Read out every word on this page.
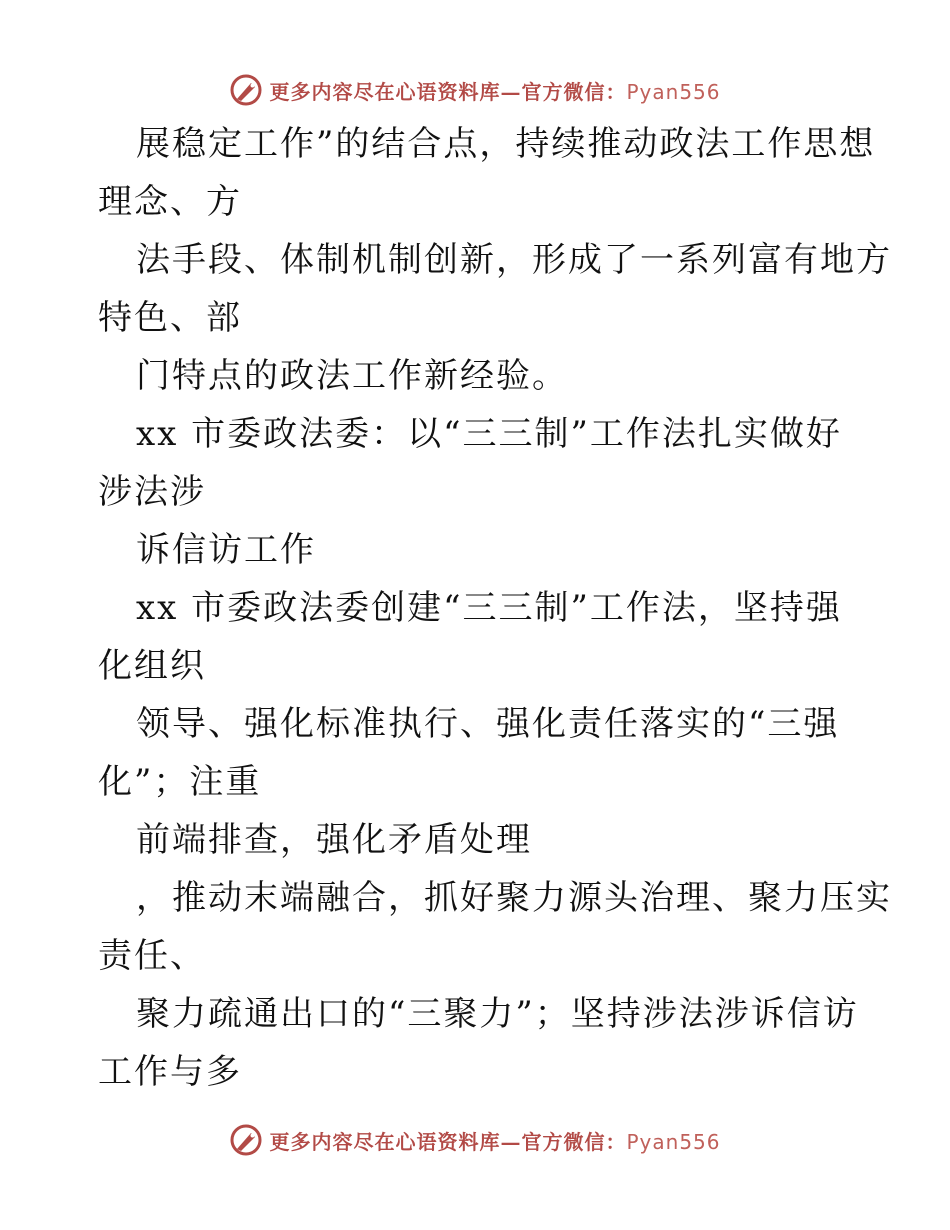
更多内容尽在心语资料库—官方微信：Pyan556
展稳定工作”的结合点，持续推动政法工作思想
理念、方
法手段、体制机制创新，形成了一系列富有地方
特色、部
门特点的政法工作新经验。
xx 市委政法委：以“三三制”工作法扎实做好
涉法涉
诉信访工作
xx 市委政法委创建“三三制”工作法，坚持强
化组织
领导、强化标准执行、强化责任落实的“三强
化”；注重
前端排查，强化矛盾处理
，推动末端融合，抓好聚力源头治理、聚力压实
责任、
聚力疏通出口的“三聚力”；坚持涉法涉诉信访
工作与多
更多内容尽在心语资料库—官方微信：Pyan556
